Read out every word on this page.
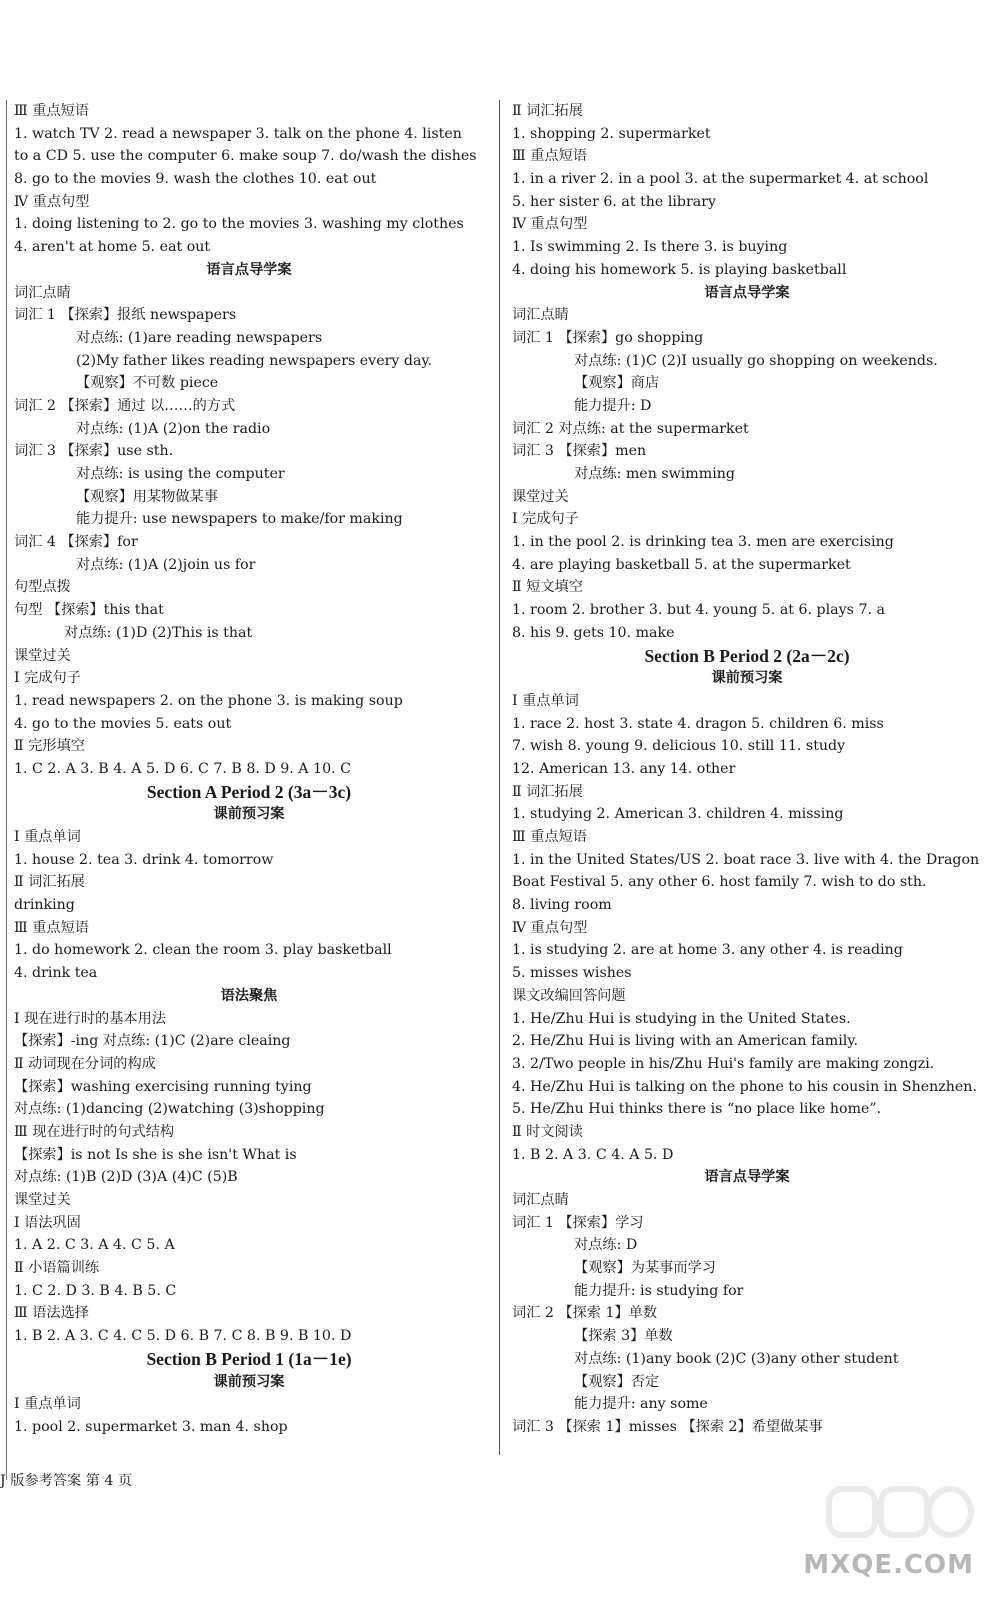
Ⅲ 重点短语
1. watch TV 2. read a newspaper 3. talk on the phone 4. listen
to a CD 5. use the computer 6. make soup 7. do/wash the dishes
8. go to the movies 9. wash the clothes 10. eat out
Ⅳ 重点句型
1. doing listening to 2. go to the movies 3. washing my clothes
4. aren't at home 5. eat out
语言点导学案
词汇点睛
词汇 1 【探索】报纸 newspapers
对点练: (1)are reading newspapers
(2)My father likes reading newspapers every day.
【观察】不可数 piece
词汇 2 【探索】通过 以……的方式
对点练: (1)A (2)on the radio
词汇 3 【探索】use sth.
对点练: is using the computer
【观察】用某物做某事
能力提升: use newspapers to make/for making
词汇 4 【探索】for
对点练: (1)A (2)join us for
句型点拨
句型 【探索】this that
对点练: (1)D (2)This is that
课堂过关
Ⅰ 完成句子
1. read newspapers 2. on the phone 3. is making soup
4. go to the movies 5. eats out
Ⅱ 完形填空
1. C 2. A 3. B 4. A 5. D 6. C 7. B 8. D 9. A 10. C
Section A Period 2 (3a－3c)
课前预习案
Ⅰ 重点单词
1. house 2. tea 3. drink 4. tomorrow
Ⅱ 词汇拓展
drinking
Ⅲ 重点短语
1. do homework 2. clean the room 3. play basketball
4. drink tea
语法聚焦
Ⅰ 现在进行时的基本用法
【探索】-ing 对点练: (1)C (2)are cleaing
Ⅱ 动词现在分词的构成
【探索】washing exercising running tying
对点练: (1)dancing (2)watching (3)shopping
Ⅲ 现在进行时的句式结构
【探索】is not Is she is she isn't What is
对点练: (1)B (2)D (3)A (4)C (5)B
课堂过关
Ⅰ 语法巩固
1. A 2. C 3. A 4. C 5. A
Ⅱ 小语篇训练
1. C 2. D 3. B 4. B 5. C
Ⅲ 语法选择
1. B 2. A 3. C 4. C 5. D 6. B 7. C 8. B 9. B 10. D
Section B Period 1 (1a－1e)
课前预习案
Ⅰ 重点单词
1. pool 2. supermarket 3. man 4. shop
Ⅱ 词汇拓展
1. shopping 2. supermarket
Ⅲ 重点短语
1. in a river 2. in a pool 3. at the supermarket 4. at school
5. her sister 6. at the library
Ⅳ 重点句型
1. Is swimming 2. Is there 3. is buying
4. doing his homework 5. is playing basketball
语言点导学案
词汇点睛
词汇 1 【探索】go shopping
对点练: (1)C (2)I usually go shopping on weekends.
【观察】商店
能力提升: D
词汇 2 对点练: at the supermarket
词汇 3 【探索】men
对点练: men swimming
课堂过关
Ⅰ 完成句子
1. in the pool 2. is drinking tea 3. men are exercising
4. are playing basketball 5. at the supermarket
Ⅱ 短文填空
1. room 2. brother 3. but 4. young 5. at 6. plays 7. a
8. his 9. gets 10. make
Section B Period 2 (2a－2c)
课前预习案
Ⅰ 重点单词
1. race 2. host 3. state 4. dragon 5. children 6. miss
7. wish 8. young 9. delicious 10. still 11. study
12. American 13. any 14. other
Ⅱ 词汇拓展
1. studying 2. American 3. children 4. missing
Ⅲ 重点短语
1. in the United States/US 2. boat race 3. live with 4. the Dragon
Boat Festival 5. any other 6. host family 7. wish to do sth.
8. living room
Ⅳ 重点句型
1. is studying 2. are at home 3. any other 4. is reading
5. misses wishes
课文改编回答问题
1. He/Zhu Hui is studying in the United States.
2. He/Zhu Hui is living with an American family.
3. 2/Two people in his/Zhu Hui's family are making zongzi.
4. He/Zhu Hui is talking on the phone to his cousin in Shenzhen.
5. He/Zhu Hui thinks there is “no place like home”.
Ⅱ 时文阅读
1. B 2. A 3. C 4. A 5. D
语言点导学案
词汇点睛
词汇 1 【探索】学习
对点练: D
【观察】为某事而学习
能力提升: is studying for
词汇 2 【探索 1】单数
【探索 3】单数
对点练: (1)any book (2)C (3)any other student
【观察】否定
能力提升: any some
词汇 3 【探索 1】misses 【探索 2】希望做某事
J 版参考答案 第 4 页
MXQE.COM
